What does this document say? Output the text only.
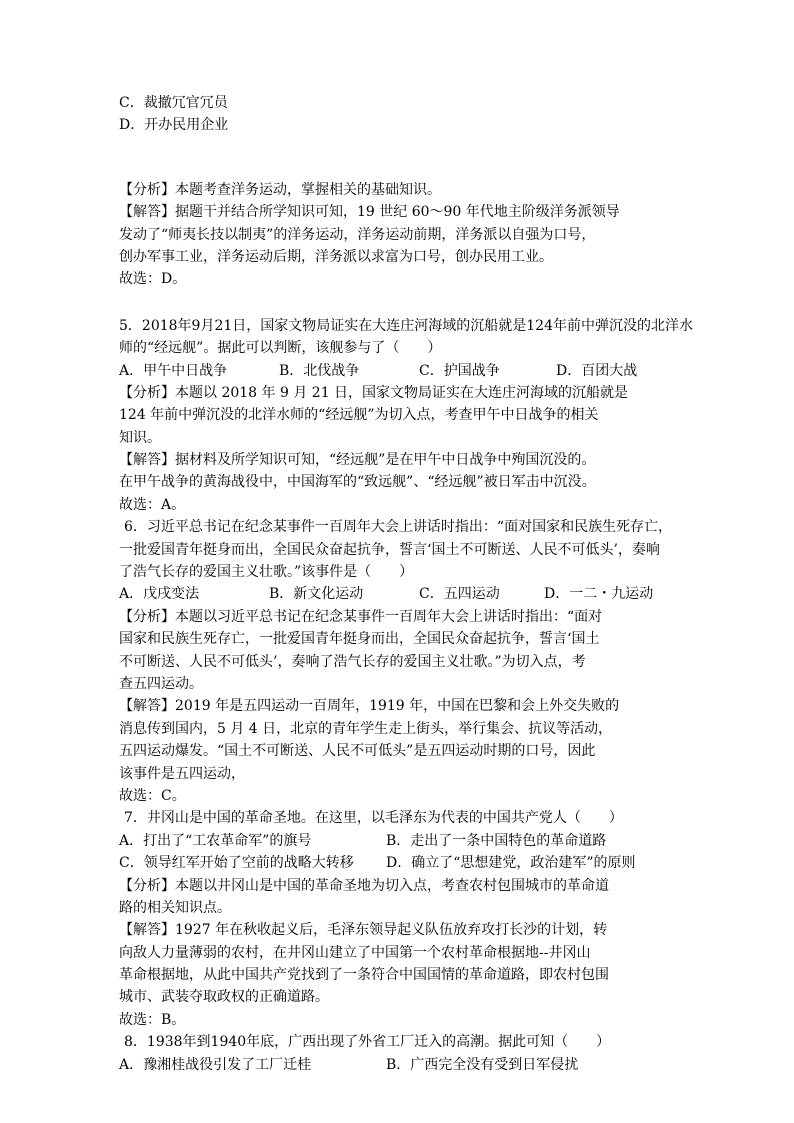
C．裁撤冗官冗员
D．开办民用企业
【分析】本题考查洋务运动，掌握相关的基础知识。
【解答】据题干并结合所学知识可知，19 世纪 60～90 年代地主阶级洋务派领导
发动了“师夷长技以制夷”的洋务运动，洋务运动前期，洋务派以自强为口号，
创办军事工业，洋务运动后期，洋务派以求富为口号，创办民用工业。
故选：D。
5．2018年9月21日，国家文物局证实在大连庄河海域的沉船就是124年前中弹沉没的北洋水
师的“经远舰”。据此可以判断，该舰参与了（　　）
A．甲午中日战争	B．北伐战争	C．护国战争	D．百团大战
【分析】本题以 2018 年 9 月 21 日，国家文物局证实在大连庄河海域的沉船就是
124 年前中弹沉没的北洋水师的“经远舰”为切入点，考查甲午中日战争的相关
知识。
【解答】据材料及所学知识可知，“经远舰”是在甲午中日战争中殉国沉没的。
在甲午战争的黄海战役中，中国海军的“致远舰”、“经远舰”被日军击中沉没。
故选：A。
6．习近平总书记在纪念某事件一百周年大会上讲话时指出：“面对国家和民族生死存亡，
一批爱国青年挺身而出，全国民众奋起抗争，誓言‘国土不可断送、人民不可低头’，奏响
了浩气长存的爱国主义壮歌。”该事件是（　　）
A．戊戌变法	B．新文化运动	C．五四运动	D．一二・九运动
【分析】本题以习近平总书记在纪念某事件一百周年大会上讲话时指出：“面对
国家和民族生死存亡，一批爱国青年挺身而出，全国民众奋起抗争，誓言‘国土
不可断送、人民不可低头’，奏响了浩气长存的爱国主义壮歌。”为切入点，考
查五四运动。
【解答】2019 年是五四运动一百周年，1919 年，中国在巴黎和会上外交失败的
消息传到国内，5 月 4 日，北京的青年学生走上街头，举行集会、抗议等活动，
五四运动爆发。“国土不可断送、人民不可低头”是五四运动时期的口号，因此
该事件是五四运动，
故选：C。
7．井冈山是中国的革命圣地。在这里，以毛泽东为代表的中国共产党人（　　）
A．打出了“工农革命军”的旗号	B．走出了一条中国特色的革命道路
C．领导红军开始了空前的战略大转移	D．确立了“思想建党，政治建军”的原则
【分析】本题以井冈山是中国的革命圣地为切入点，考查农村包围城市的革命道
路的相关知识点。
【解答】1927 年在秋收起义后，毛泽东领导起义队伍放弃攻打长沙的计划，转
向敌人力量薄弱的农村，在井冈山建立了中国第一个农村革命根据地--井冈山
革命根据地，从此中国共产党找到了一条符合中国国情的革命道路，即农村包围
城市、武装夺取政权的正确道路。
故选：B。
8．1938年到1940年底，广西出现了外省工厂迁入的高潮。据此可知（　　）
A．豫湘桂战役引发了工厂迁桂	B．广西完全没有受到日军侵扰
